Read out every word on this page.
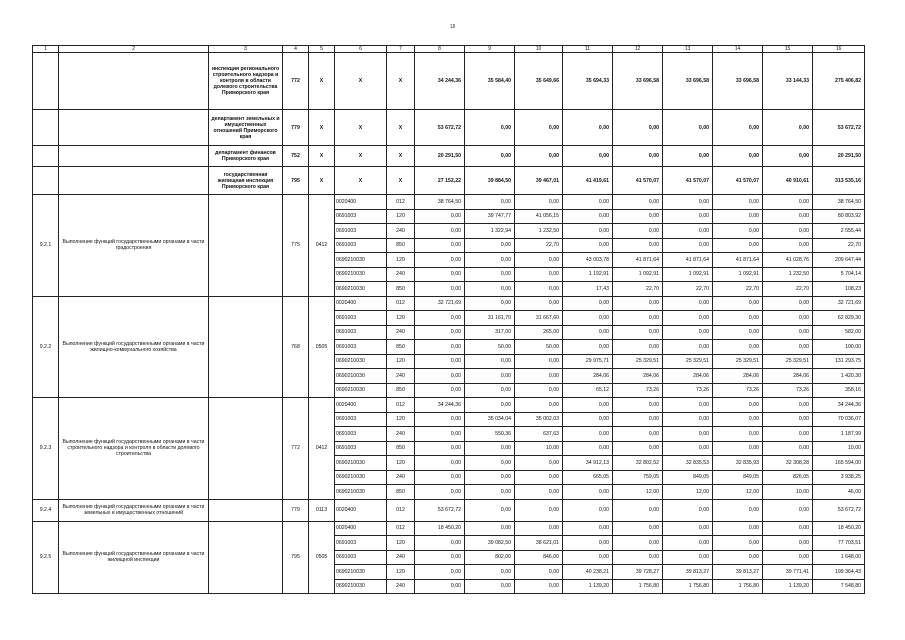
18
1	2	3	4	5	6	7	8	9	10	11	12	13	14	15	16
		инспекция регионального строительного надзора и контроля в области долевого строительства Приморского края	772	X	X	X	34 244,36	35 584,40	35 649,66	35 694,33	33 696,58	33 696,58	33 696,58	33 144,33	275 406,82
		департамент земельных и имущественных отношений Приморского края	779	X	X	X	53 672,72	0,00	0,00	0,00	0,00	0,00	0,00	0,00	53 672,72
		департамент финансов Приморского края	752	X	X	X	20 291,50	0,00	0,00	0,00	0,00	0,00	0,00	0,00	20 291,50
		государственная жилищная инспекция Приморского края	795	X	X	X	27 152,22	39 884,50	39 467,01	41 419,61	41 570,07	41 570,07	41 570,07	40 910,61	313 535,16
9.2.1	Выполнение функций государственными органами в части градостроения		775	0412	0020400	012	38 764,50	0,00	0,00	0,00	0,00	0,00	0,00	0,00	38 764,50
					0691003	120	0,00	39 747,77	41 056,15	0,00	0,00	0,00	0,00	0,00	80 803,92
					0691003	240	0,00	1 322,94	1 232,50	0,00	0,00	0,00	0,00	0,00	2 555,44
					0691003	850	0,00	0,00	22,70	0,00	0,00	0,00	0,00	0,00	22,70
					0690210030	120	0,00	0,00	0,00	43 003,78	41 871,64	41 871,64	41 871,64	41 028,76	209 647,44
					0690210030	240	0,00	0,00	0,00	1 192,91	1 092,91	1 092,91	1 092,91	1 232,50	5 704,14
					0690210030	850	0,00	0,00	0,00	17,43	22,70	22,70	22,70	22,70	108,23
9.2.2	Выполнение функций государственными органами в части жилищно-коммунального хозяйства		768	0505	0020400	012	32 721,69	0,00	0,00	0,00	0,00	0,00	0,00	0,00	32 721,69
					0691003	120	0,00	31 161,70	31 667,60	0,00	0,00	0,00	0,00	0,00	62 829,30
					0691003	240	0,00	317,00	265,00	0,00	0,00	0,00	0,00	0,00	582,00
					0691003	850	0,00	50,00	50,00	0,00	0,00	0,00	0,00	0,00	100,00
					0690210030	120	0,00	0,00	0,00	29 975,71	25 329,51	25 329,51	25 329,51	25 329,51	131 293,75
					0690210030	240	0,00	0,00	0,00	284,06	284,06	284,06	284,06	284,06	1 420,30
					0690210030	850	0,00	0,00	0,00	65,12	73,26	73,26	73,26	73,26	358,16
9.2.3	Выполнение функций государственными органами в части строительного надзора и контроля в области долевого строительства		772	0412	0020400	012	34 244,36	0,00	0,00	0,00	0,00	0,00	0,00	0,00	34 244,36
					0691003	120	0,00	35 034,04	35 002,03	0,00	0,00	0,00	0,00	0,00	70 036,07
					0691003	240	0,00	550,36	637,63	0,00	0,00	0,00	0,00	0,00	1 187,99
					0691003	850	0,00	0,00	10,00	0,00	0,00	0,00	0,00	0,00	10,00
					0690210030	120	0,00	0,00	0,00	34 912,13	32 802,52	32 835,53	32 835,93	32 308,28	165 594,00
					0690210030	240	0,00	0,00	0,00	665,05	759,05	849,05	849,05	826,05	3 938,25
					0690210030	850	0,00	0,00	0,00	0,00	12,00	12,00	12,00	10,00	46,00
9.2.4	Выполнение функций государственными органами в части земельных и имущественных отношений		779	0113	0020400	012	53 672,72	0,00	0,00	0,00	0,00	0,00	0,00	0,00	53 672,72
9.2.5	Выполнение функций государственными органами в части жилищной инспекции		795	0505	0020400	012	18 450,20	0,00	0,00	0,00	0,00	0,00	0,00	0,00	18 450,20
					0691003	120	0,00	39 082,50	38 621,01	0,00	0,00	0,00	0,00	0,00	77 703,51
					0691003	240	0,00	802,00	846,00	0,00	0,00	0,00	0,00	0,00	1 648,00
					0690210030	120	0,00	0,00	0,00	40 238,21	39 728,27	39 813,27	39 813,27	39 771,41	199 364,43
					0690210030	240	0,00	0,00	0,00	1 139,20	1 756,80	1 756,80	1 756,80	1 139,20	7 548,80
